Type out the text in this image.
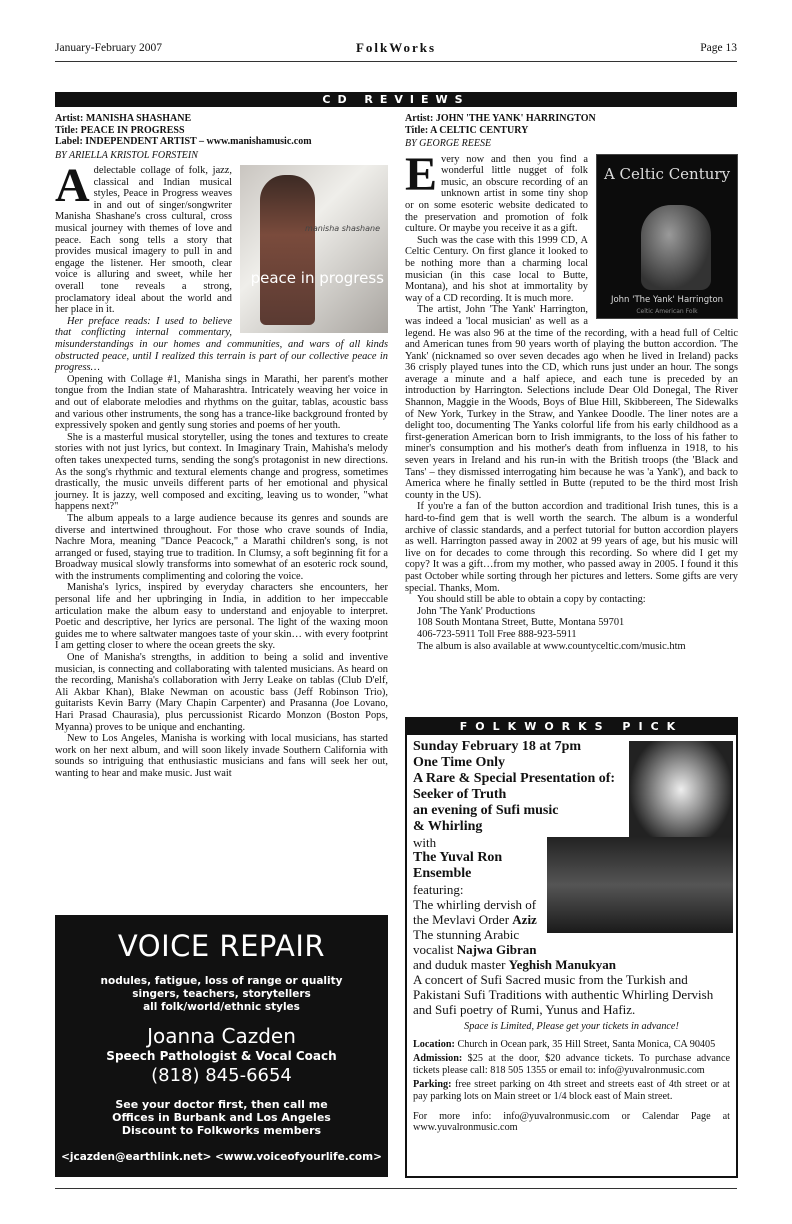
January-February 2007	FolkWorks	Page 13
CD REVIEWS
Artist: MANISHA SHASHANE
Title: PEACE IN PROGRESS
Label: INDEPENDENT ARTIST – www.manishamusic.com
BY ARIELLA KRISTOL FORSTEIN
manisha shashane
peace in progress
A delectable collage of folk, jazz, classical and Indian musical styles, Peace in Progress weaves in and out of singer/songwriter Manisha Shashane's cross cultural, cross musical journey with themes of love and peace. Each song tells a story that provides musical imagery to pull in and engage the listener. Her smooth, clear voice is alluring and sweet, while her overall tone reveals a strong, proclamatory ideal about the world and her place in it.

Her preface reads: I used to believe that conflicting internal commentary, misunderstandings in our homes and communities, and wars of all kinds obstructed peace, until I realized this terrain is part of our collective peace in progress…

Opening with Collage #1, Manisha sings in Marathi, her parent's mother tongue from the Indian state of Maharashtra. Intricately weaving her voice in and out of elaborate melodies and rhythms on the guitar, tablas, acoustic bass and various other instruments, the song has a trance-like background fronted by expressively spoken and gently sung stories and poems of her youth.

She is a masterful musical storyteller, using the tones and textures to create stories with not just lyrics, but context. In Imaginary Train, Mahisha's melody often takes unexpected turns, sending the song's protagonist in new directions. As the song's rhythmic and textural elements change and progress, sometimes drastically, the music unveils different parts of her emotional and physical journey. It is jazzy, well composed and exciting, leaving us to wonder, "what happens next?"

The album appeals to a large audience because its genres and sounds are diverse and intertwined throughout. For those who crave sounds of India, Nachre Mora, meaning "Dance Peacock," a Marathi children's song, is not arranged or fused, staying true to tradition. In Clumsy, a soft beginning fit for a Broadway musical slowly transforms into somewhat of an esoteric rock sound, with the instruments complimenting and coloring the voice.

Manisha's lyrics, inspired by everyday characters she encounters, her personal life and her upbringing in India, in addition to her impeccable articulation make the album easy to understand and enjoyable to interpret. Poetic and descriptive, her lyrics are personal. The light of the waxing moon guides me to where saltwater mangoes taste of your skin… with every footprint I am getting closer to where the ocean greets the sky.

One of Manisha's strengths, in addition to being a solid and inventive musician, is connecting and collaborating with talented musicians. As heard on the recording, Manisha's collaboration with Jerry Leake on tablas (Club D'elf, Ali Akbar Khan), Blake Newman on acoustic bass (Jeff Robinson Trio), guitarists Kevin Barry (Mary Chapin Carpenter) and Prasanna (Joe Lovano, Hari Prasad Chaurasia), plus percussionist Ricardo Monzon (Boston Pops, Myanna) proves to be unique and enchanting.

New to Los Angeles, Manisha is working with local musicians, has started work on her next album, and will soon likely invade Southern California with sounds so intriguing that enthusiastic musicians and fans will seek her out, wanting to hear and make music. Just wait

Artist: JOHN 'THE YANK' HARRINGTON
Title: A CELTIC CENTURY
BY GEORGE REESE
A Celtic Century
John 'The Yank' Harrington
Celtic American Folk
E very now and then you find a wonderful little nugget of folk music, an obscure recording of an unknown artist in some tiny shop or on some esoteric website dedicated to the preservation and promotion of folk culture. Or maybe you receive it as a gift.

Such was the case with this 1999 CD, A Celtic Century. On first glance it looked to be nothing more than a charming local musician (in this case local to Butte, Montana), and his shot at immortality by way of a CD recording. It is much more.

The artist, John 'The Yank' Harrington, was indeed a 'local musician' as well as a legend. He was also 96 at the time of the recording, with a head full of Celtic and American tunes from 90 years worth of playing the button accordion. 'The Yank' (nicknamed so over seven decades ago when he lived in Ireland) packs 36 crisply played tunes into the CD, which runs just under an hour. The songs average a minute and a half apiece, and each tune is preceded by an introduction by Harrington. Selections include Dear Old Donegal, The River Shannon, Maggie in the Woods, Boys of Blue Hill, Skibbereen, The Sidewalks of New York, Turkey in the Straw, and Yankee Doodle. The liner notes are a delight too, documenting The Yanks colorful life from his early childhood as a first-generation American born to Irish immigrants, to the loss of his father to miner's consumption and his mother's death from influenza in 1918, to his seven years in Ireland and his run-in with the British troops (the 'Black and Tans' – they dismissed interrogating him because he was 'a Yank'), and back to America where he finally settled in Butte (reputed to be the third most Irish county in the US).

If you're a fan of the button accordion and traditional Irish tunes, this is a hard-to-find gem that is well worth the search. The album is a wonderful archive of classic standards, and a perfect tutorial for button accordion players as well. Harrington passed away in 2002 at 99 years of age, but his music will live on for decades to come through this recording. So where did I get my copy? It was a gift…from my mother, who passed away in 2005. I found it this past October while sorting through her pictures and letters. Some gifts are very special. Thanks, Mom.

You should still be able to obtain a copy by contacting:

John 'The Yank' Productions
108 South Montana Street, Butte, Montana 59701
406-723-5911 Toll Free 888-923-5911
The album is also available at www.countyceltic.com/music.htm
VOICE REPAIR
nodules, fatigue, loss of range or quality
singers, teachers, storytellers
all folk/world/ethnic styles
Joanna Cazden
Speech Pathologist & Vocal Coach
(818) 845-6654
See your doctor first, then call me
Offices in Burbank and Los Angeles
Discount to Folkworks members
<jcazden@earthlink.net> <www.voiceofyourlife.com>
FOLKWORKS PICK
Sunday February 18 at 7pm
One Time Only
A Rare & Special Presentation of:
Seeker of Truth
an evening of Sufi music
& Whirling
with
The Yuval Ron
Ensemble
featuring:
The whirling dervish of the Mevlavi Order Aziz
The stunning Arabic vocalist Najwa Gibran
and duduk master Yeghish Manukyan
A concert of Sufi Sacred music from the Turkish and Pakistani Sufi Traditions with authentic Whirling Dervish and Sufi poetry of Rumi, Yunus and Hafiz.
Space is Limited, Please get your tickets in advance!
Location: Church in Ocean park, 35 Hill Street, Santa Monica, CA 90405
Admission: $25 at the door, $20 advance tickets. To purchase advance tickets please call: 818 505 1355 or email to: info@yuvalronmusic.com
Parking: free street parking on 4th street and streets east of 4th street or at pay parking lots on Main street or 1/4 block east of Main street.
For more info: info@yuvalronmusic.com or Calendar Page at www.yuvalronmusic.com
